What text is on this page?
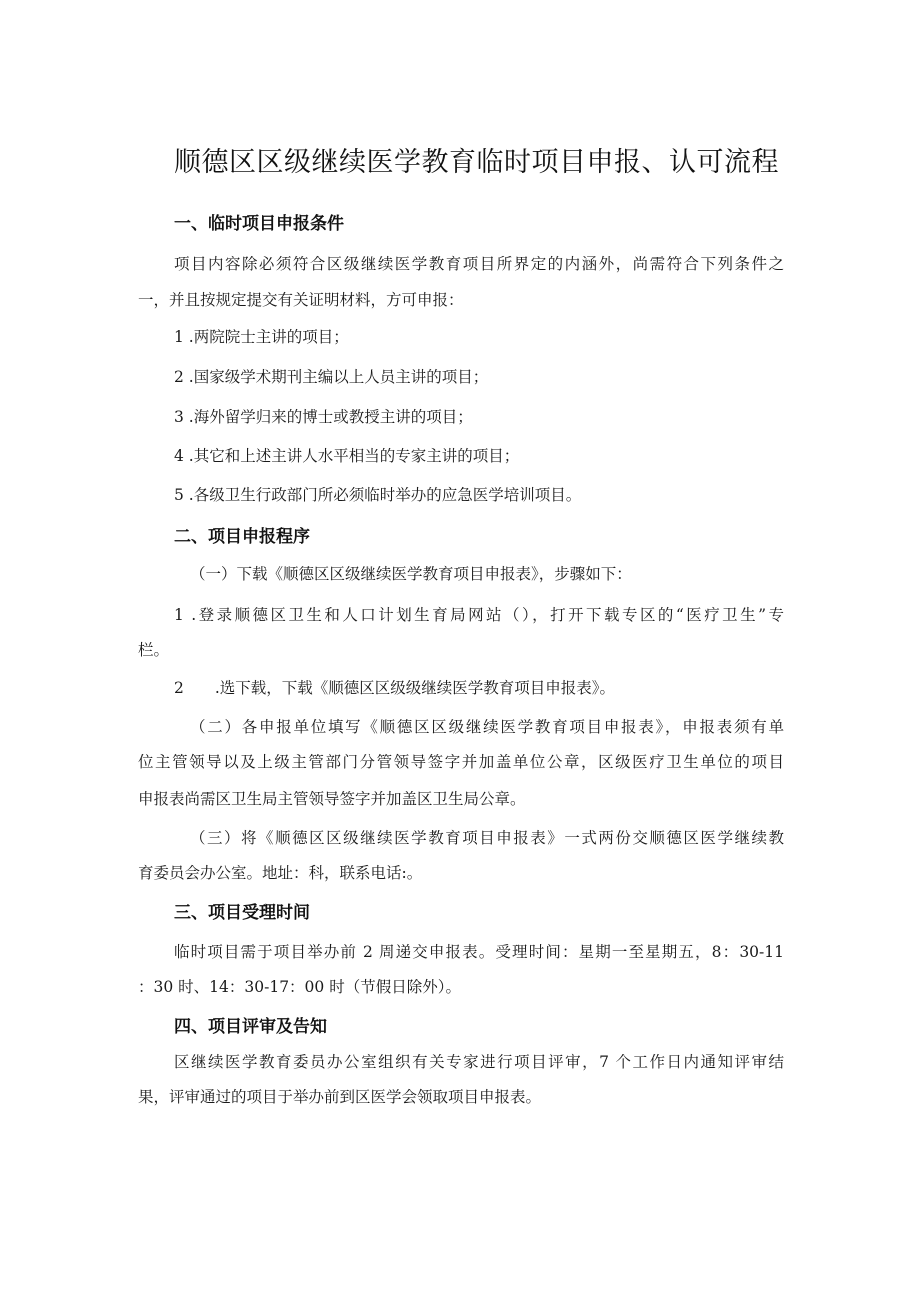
顺德区区级继续医学教育临时项目申报、认可流程
一、临时项目申报条件
项目内容除必须符合区级继续医学教育项目所界定的内涵外，尚需符合下列条件之
一，并且按规定提交有关证明材料，方可申报：
1 .两院院士主讲的项目；
2 .国家级学术期刊主编以上人员主讲的项目；
3 .海外留学归来的博士或教授主讲的项目；
4 .其它和上述主讲人水平相当的专家主讲的项目；
5 .各级卫生行政部门所必须临时举办的应急医学培训项目。
二、项目申报程序
（一）下载《顺德区区级继续医学教育项目申报表》，步骤如下：
1 .登录顺德区卫生和人口计划生育局网站（），打开下载专区的“医疗卫生”专
栏。
2　　.选下载，下载《顺德区区级级继续医学教育项目申报表》。
（二）各申报单位填写《顺德区区级继续医学教育项目申报表》，申报表须有单
位主管领导以及上级主管部门分管领导签字并加盖单位公章，区级医疗卫生单位的项目
申报表尚需区卫生局主管领导签字并加盖区卫生局公章。
（三）将《顺德区区级继续医学教育项目申报表》一式两份交顺德区医学继续教
育委员会办公室。地址：科，联系电话:。
三、项目受理时间
临时项目需于项目举办前 2 周递交申报表。受理时间：星期一至星期五，8：30-11
：30 时、14：30-17：00 时（节假日除外）。
四、项目评审及告知
区继续医学教育委员办公室组织有关专家进行项目评审，7 个工作日内通知评审结
果，评审通过的项目于举办前到区医学会领取项目申报表。
